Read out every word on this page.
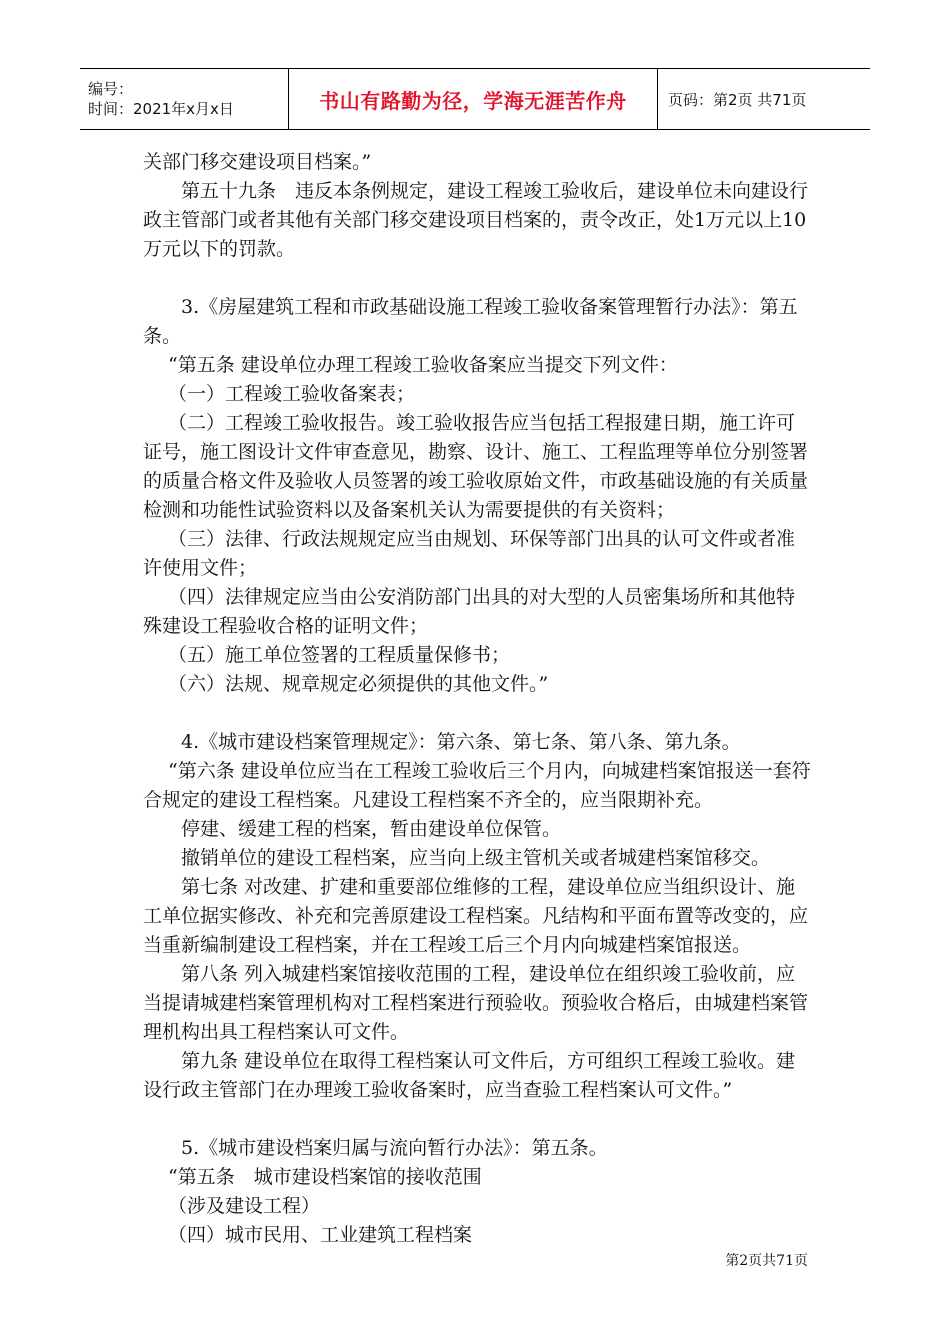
编号：
时间：2021年x月x日	书山有路勤为径，学海无涯苦作舟	页码：第2页 共71页

关部门移交建设项目档案。”

第五十九条　违反本条例规定，建设工程竣工验收后，建设单位未向建设行政主管部门或者其他有关部门移交建设项目档案的，责令改正，处1万元以上10万元以下的罚款。

3.《房屋建筑工程和市政基础设施工程竣工验收备案管理暂行办法》：第五条。

“第五条 建设单位办理工程竣工验收备案应当提交下列文件：

（一）工程竣工验收备案表；

（二）工程竣工验收报告。竣工验收报告应当包括工程报建日期，施工许可证号，施工图设计文件审查意见，勘察、设计、施工、工程监理等单位分别签署的质量合格文件及验收人员签署的竣工验收原始文件，市政基础设施的有关质量检测和功能性试验资料以及备案机关认为需要提供的有关资料；

（三）法律、行政法规规定应当由规划、环保等部门出具的认可文件或者准许使用文件；

（四）法律规定应当由公安消防部门出具的对大型的人员密集场所和其他特殊建设工程验收合格的证明文件；

（五）施工单位签署的工程质量保修书；

（六）法规、规章规定必须提供的其他文件。”

4.《城市建设档案管理规定》：第六条、第七条、第八条、第九条。

“第六条 建设单位应当在工程竣工验收后三个月内，向城建档案馆报送一套符合规定的建设工程档案。凡建设工程档案不齐全的，应当限期补充。

停建、缓建工程的档案，暂由建设单位保管。

撤销单位的建设工程档案，应当向上级主管机关或者城建档案馆移交。

第七条 对改建、扩建和重要部位维修的工程，建设单位应当组织设计、施工单位据实修改、补充和完善原建设工程档案。凡结构和平面布置等改变的，应当重新编制建设工程档案，并在工程竣工后三个月内向城建档案馆报送。

第八条 列入城建档案馆接收范围的工程，建设单位在组织竣工验收前，应当提请城建档案管理机构对工程档案进行预验收。预验收合格后，由城建档案管理机构出具工程档案认可文件。

第九条 建设单位在取得工程档案认可文件后，方可组织工程竣工验收。建设行政主管部门在办理竣工验收备案时，应当查验工程档案认可文件。”

5.《城市建设档案归属与流向暂行办法》：第五条。

“第五条　城市建设档案馆的接收范围

（涉及建设工程）

（四）城市民用、工业建筑工程档案

第2页共71页
